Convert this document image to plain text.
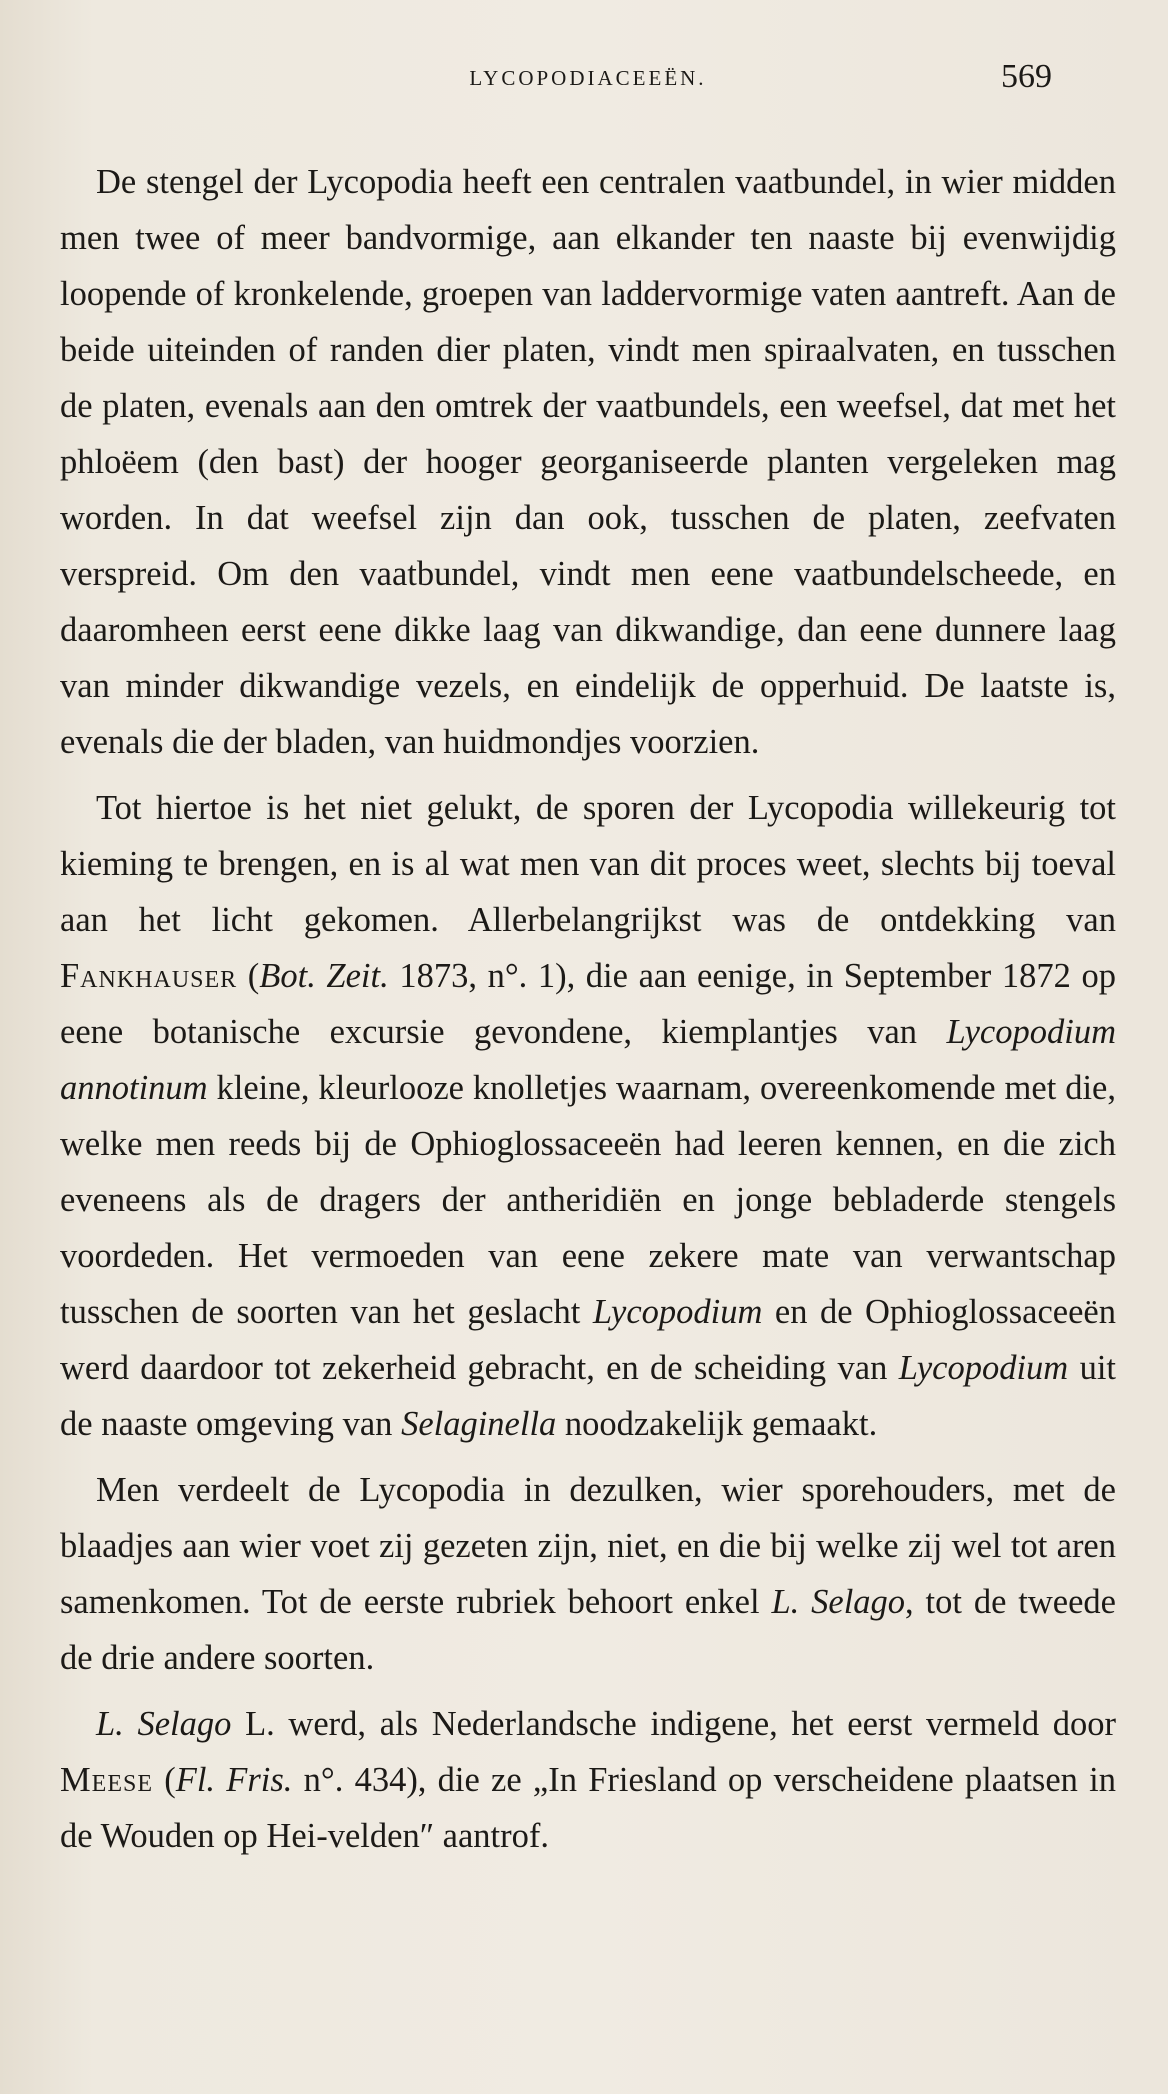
LYCOPODIACEEËN.	569

De stengel der Lycopodia heeft een centralen vaatbundel, in wier midden men twee of meer bandvormige, aan elkander ten naaste bij evenwijdig loopende of kronkelende, groepen van laddervormige vaten aantreft. Aan de beide uiteinden of randen dier platen, vindt men spiraalvaten, en tusschen de platen, evenals aan den omtrek der vaatbundels, een weefsel, dat met het phloëem (den bast) der hooger georganiseerde planten vergeleken mag worden. In dat weefsel zijn dan ook, tusschen de platen, zeefvaten verspreid. Om den vaatbundel, vindt men eene vaatbundelscheede, en daaromheen eerst eene dikke laag van dikwandige, dan eene dunnere laag van minder dikwandige vezels, en eindelijk de opperhuid. De laatste is, evenals die der bladen, van huidmondjes voorzien.

Tot hiertoe is het niet gelukt, de sporen der Lycopodia willekeurig tot kieming te brengen, en is al wat men van dit proces weet, slechts bij toeval aan het licht gekomen. Allerbelangrijkst was de ontdekking van Fankhauser (Bot. Zeit. 1873, n°. 1), die aan eenige, in September 1872 op eene botanische excursie gevondene, kiemplantjes van Lycopodium annotinum kleine, kleurlooze knolletjes waarnam, overeenkomende met die, welke men reeds bij de Ophioglossaceeën had leeren kennen, en die zich eveneens als de dragers der antheridiën en jonge bebladerde stengels voordeden. Het vermoeden van eene zekere mate van verwantschap tusschen de soorten van het geslacht Lycopodium en de Ophioglossaceeën werd daardoor tot zekerheid gebracht, en de scheiding van Lycopodium uit de naaste omgeving van Selaginella noodzakelijk gemaakt.

Men verdeelt de Lycopodia in dezulken, wier sporehouders, met de blaadjes aan wier voet zij gezeten zijn, niet, en die bij welke zij wel tot aren samenkomen. Tot de eerste rubriek behoort enkel L. Selago, tot de tweede de drie andere soorten.

L. Selago L. werd, als Nederlandsche indigene, het eerst vermeld door Meese (Fl. Fris. n°. 434), die ze „In Friesland op verscheidene plaatsen in de Wouden op Hei-velden″ aantrof.
